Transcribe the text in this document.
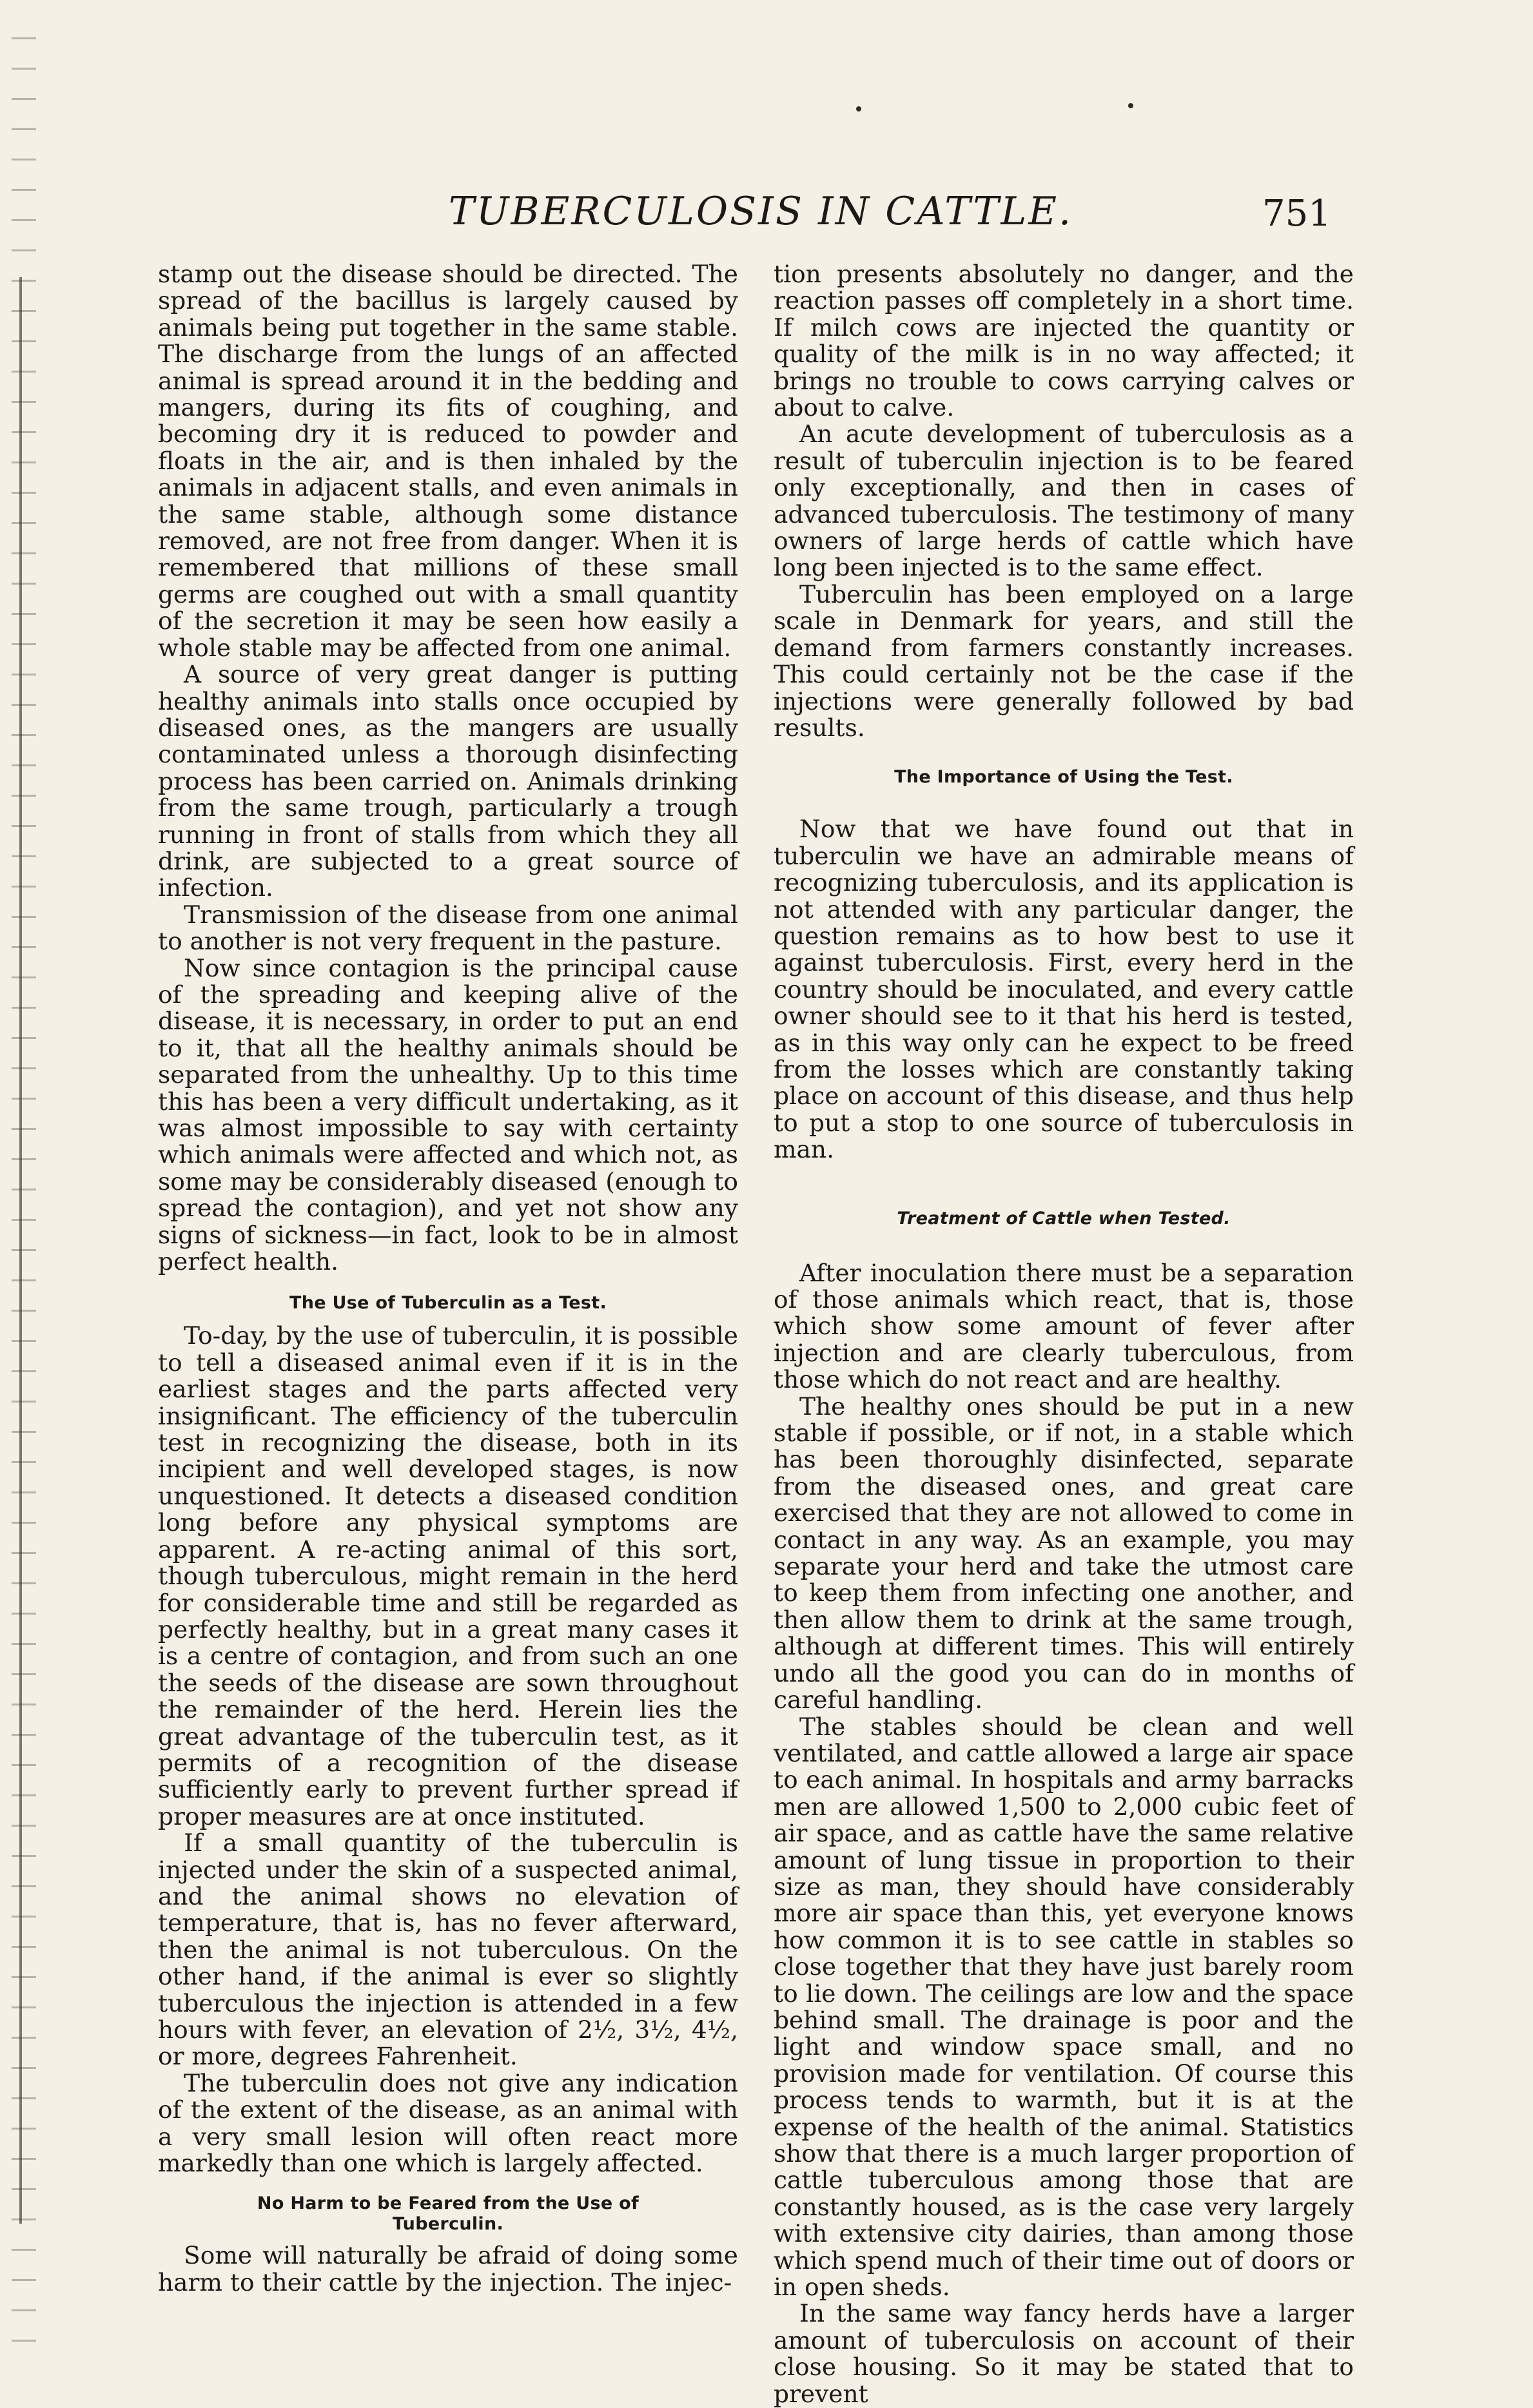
TUBERCULOSIS IN CATTLE.	751

stamp out the disease should be directed. The spread of the bacillus is largely caused by animals being put together in the same stable. The discharge from the lungs of an affected animal is spread around it in the bedding and mangers, during its fits of coughing, and becoming dry it is reduced to powder and floats in the air, and is then inhaled by the animals in adjacent stalls, and even animals in the same stable, although some distance removed, are not free from danger. When it is remembered that millions of these small germs are coughed out with a small quantity of the secretion it may be seen how easily a whole stable may be affected from one animal.

A source of very great danger is putting healthy animals into stalls once occupied by diseased ones, as the mangers are usually contaminated unless a thorough disinfecting process has been carried on. Animals drinking from the same trough, particularly a trough running in front of stalls from which they all drink, are subjected to a great source of infection.

Transmission of the disease from one animal to another is not very frequent in the pasture.

Now since contagion is the principal cause of the spreading and keeping alive of the disease, it is necessary, in order to put an end to it, that all the healthy animals should be separated from the unhealthy. Up to this time this has been a very difficult undertaking, as it was almost impossible to say with certainty which animals were affected and which not, as some may be considerably diseased (enough to spread the contagion), and yet not show any signs of sickness—in fact, look to be in almost perfect health.

The Use of Tuberculin as a Test.

To-day, by the use of tuberculin, it is possible to tell a diseased animal even if it is in the earliest stages and the parts affected very insignificant. The efficiency of the tuberculin test in recognizing the disease, both in its incipient and well developed stages, is now unquestioned. It detects a diseased condition long before any physical symptoms are apparent. A re-acting animal of this sort, though tuberculous, might remain in the herd for considerable time and still be regarded as perfectly healthy, but in a great many cases it is a centre of contagion, and from such an one the seeds of the disease are sown throughout the remainder of the herd. Herein lies the great advantage of the tuberculin test, as it permits of a recognition of the disease sufficiently early to prevent further spread if proper measures are at once instituted.

If a small quantity of the tuberculin is injected under the skin of a suspected animal, and the animal shows no elevation of temperature, that is, has no fever afterward, then the animal is not tuberculous. On the other hand, if the animal is ever so slightly tuberculous the injection is attended in a few hours with fever, an elevation of 2½, 3½, 4½, or more, degrees Fahrenheit.

The tuberculin does not give any indication of the extent of the disease, as an animal with a very small lesion will often react more markedly than one which is largely affected.

No Harm to be Feared from the Use of Tuberculin.

Some will naturally be afraid of doing some harm to their cattle by the injection. The injec-

tion presents absolutely no danger, and the reaction passes off completely in a short time. If milch cows are injected the quantity or quality of the milk is in no way affected; it brings no trouble to cows carrying calves or about to calve.

An acute development of tuberculosis as a result of tuberculin injection is to be feared only exceptionally, and then in cases of advanced tuberculosis. The testimony of many owners of large herds of cattle which have long been injected is to the same effect.

Tuberculin has been employed on a large scale in Denmark for years, and still the demand from farmers constantly increases. This could certainly not be the case if the injections were generally followed by bad results.

The Importance of Using the Test.

Now that we have found out that in tuberculin we have an admirable means of recognizing tuberculosis, and its application is not attended with any particular danger, the question remains as to how best to use it against tuberculosis. First, every herd in the country should be inoculated, and every cattle owner should see to it that his herd is tested, as in this way only can he expect to be freed from the losses which are constantly taking place on account of this disease, and thus help to put a stop to one source of tuberculosis in man.

Treatment of Cattle when Tested.

After inoculation there must be a separation of those animals which react, that is, those which show some amount of fever after injection and are clearly tuberculous, from those which do not react and are healthy.

The healthy ones should be put in a new stable if possible, or if not, in a stable which has been thoroughly disinfected, separate from the diseased ones, and great care exercised that they are not allowed to come in contact in any way. As an example, you may separate your herd and take the utmost care to keep them from infecting one another, and then allow them to drink at the same trough, although at different times. This will entirely undo all the good you can do in months of careful handling.

The stables should be clean and well ventilated, and cattle allowed a large air space to each animal. In hospitals and army barracks men are allowed 1,500 to 2,000 cubic feet of air space, and as cattle have the same relative amount of lung tissue in proportion to their size as man, they should have considerably more air space than this, yet everyone knows how common it is to see cattle in stables so close together that they have just barely room to lie down. The ceilings are low and the space behind small. The drainage is poor and the light and window space small, and no provision made for ventilation. Of course this process tends to warmth, but it is at the expense of the health of the animal. Statistics show that there is a much larger proportion of cattle tuberculous among those that are constantly housed, as is the case very largely with extensive city dairies, than among those which spend much of their time out of doors or in open sheds.

In the same way fancy herds have a larger amount of tuberculosis on account of their close housing. So it may be stated that to prevent
